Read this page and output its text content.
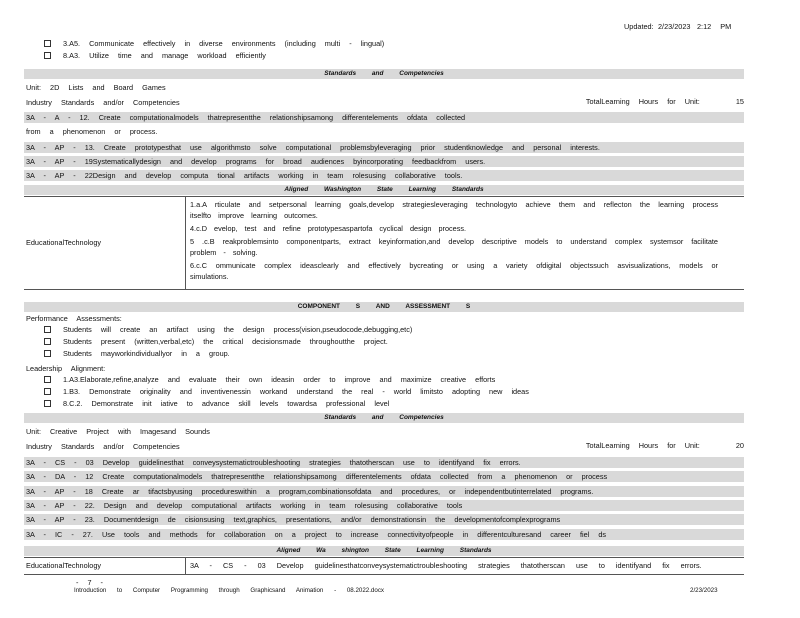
Updated: 2/23/2023 2:12 PM
3.A5. Communicate effectively in diverse environments (including multi - lingual)
8.A3. Utilize time and manage workload efficiently
Standards and Competencies
Unit: 2D Lists and Board Games
Industry Standards and/or Competencies	TotalLearning Hours for Unit:	15
3A - A - 12. Create computationalmodels thatrepresentthe relationshipsamong differentelements ofdata collected
from a phenomenon or process.
3A - AP - 13. Create prototypesthat use algorithmsto solve computational problemsbyleveraging prior studentknowledge and personal interests.
3A - AP - 19Systematicallydesign and develop programs for broad audiences byincorporating feedbackfrom users.
3A - AP - 22Design and develop computa tional artifacts working in team rolesusing collaborative tools.
Aligned Washington State Learning Standards
EducationalTechnology
1.a.A rticulate and setpersonal learning goals,develop strategiesleveraging technologyto achieve them and reflecton the learning process itselfto improve learning outcomes.
4.c.D evelop, test and refine prototypesaspartofa cyclical design process.
5 .c.B reakproblemsinto componentparts, extract keyinformation,and develop descriptive models to understand complex systemsor facilitate problem - solving.
6.c.C ommunicate complex ideasclearly and effectively bycreating or using a variety ofdigital objectssuch asvisualizations, models or simulations.
COMPONENT S AND ASSESSMENT S
Performance Assessments:
Students will create an artifact using the design process(vision,pseudocode,debugging,etc)
Students present (written,verbal,etc) the critical decisionsmade throughoutthe project.
Students mayworkindividuallyor in a group.
Leadership Alignment:
1.A3.Elaborate,refine,analyze and evaluate their own ideasin order to improve and maximize creative efforts
1.B3. Demonstrate originality and inventivenessin workand understand the real - world limitsto adopting new ideas
8.C.2. Demonstrate init iative to advance skill levels towardsa professional level
Standards and Competencies
Unit: Creative Project with Imagesand Sounds
Industry Standards and/or Competencies	TotalLearning Hours for Unit:	20
3A - CS - 03 Develop guidelinesthat conveysystematictroubleshooting strategies thatotherscan use to identifyand fix errors.
3A - DA - 12 Create computationalmodels thatrepresentthe relationshipsamong differentelements ofdata collected from a phenomenon or process
3A - AP - 18 Create ar tifactsbyusing procedureswithin a program,combinationsofdata and procedures, or independentbutinterrelated programs.
3A - AP - 22. Design and develop computational artifacts working in team rolesusing collaborative tools
3A - AP - 23. Documentdesign de cisionsusing text,graphics, presentations, and/or demonstrationsin the developmentofcomplexprograms
3A - IC - 27. Use tools and methods for collaboration on a project to increase connectivityofpeople in differentculturesand career fiel ds
Aligned Wa shington State Learning Standards
EducationalTechnology	3A - CS - 03 Develop guidelinesthatconveysystematictroubleshooting strategies thatotherscan use to identifyand fix errors.
- 7 -
Introduction to Computer Programming through Graphicsand Animation - 08.2022.docx	2/23/2023
